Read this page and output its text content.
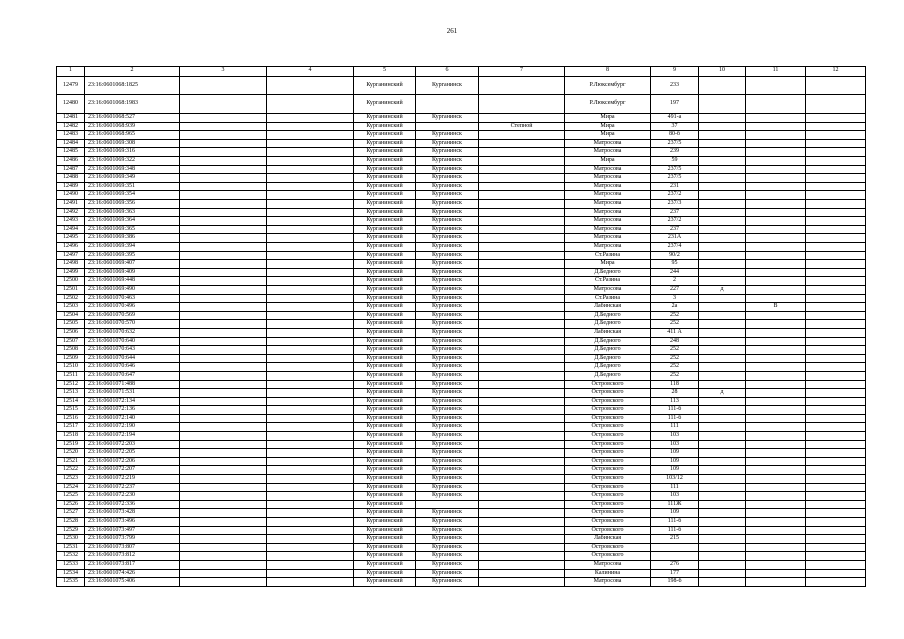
261
1	2	3	4	5	6	7	8	9	10	11	12
12479	23:16:0601068:1825			Курганинский	Курганинск		Р.Люксембург	233			
12480	23:16:0601068:1983			Курганинский			Р.Люксембург	197			
12481	23:16:0601068:527			Курганинский	Курганинск		Мира	491-а			
12482	23:16:0601068:939			Курганинский		Степной	Мира	37			
12483	23:16:0601068:965			Курганинский	Курганинск		Мира	80-б			
12484	23:16:0601069:308			Курганинский	Курганинск		Матросова	237/5			
12485	23:16:0601069:316			Курганинский	Курганинск		Матросова	239			
12486	23:16:0601069:322			Курганинский	Курганинск		Мира	59			
12487	23:16:0601069:348			Курганинский	Курганинск		Матросова	237/5			
12488	23:16:0601069:349			Курганинский	Курганинск		Матросова	237/5			
12489	23:16:0601069:351			Курганинский	Курганинск		Матросова	231			
12490	23:16:0601069:354			Курганинский	Курганинск		Матросова	237/2			
12491	23:16:0601069:356			Курганинский	Курганинск		Матросова	237/3			
12492	23:16:0601069:363			Курганинский	Курганинск		Матросова	237			
12493	23:16:0601069:364			Курганинский	Курганинск		Матросова	237/2			
12494	23:16:0601069:365			Курганинский	Курганинск		Матросова	237			
12495	23:16:0601069:386			Курганинский	Курганинск		Матросова	231А			
12496	23:16:0601069:394			Курганинский	Курганинск		Матросова	237/4			
12497	23:16:0601069:395			Курганинский	Курганинск		Ст.Разина	90/2			
12498	23:16:0601069:407			Курганинский	Курганинск		Мира	95			
12499	23:16:0601069:409			Курганинский	Курганинск		Д.Бедного	244			
12500	23:16:0601069:448			Курганинский	Курганинск		Ст.Разина	2			
12501	23:16:0601069:490			Курганинский	Курганинск		Матросова	227	д		
12502	23:16:0601070:463			Курганинский	Курганинск		Ст.Разина	3			
12503	23:16:0601070:496			Курганинский	Курганинск		Лабинская	2а		В	
12504	23:16:0601070:569			Курганинский	Курганинск		Д.Бедного	252			
12505	23:16:0601070:570			Курганинский	Курганинск		Д.Бедного	252			
12506	23:16:0601070:632			Курганинский	Курганинск		Лабинская	411 А			
12507	23:16:0601070:640			Курганинский	Курганинск		Д.Бедного	248			
12508	23:16:0601070:643			Курганинский	Курганинск		Д.Бедного	252			
12509	23:16:0601070:644			Курганинский	Курганинск		Д.Бедного	252			
12510	23:16:0601070:646			Курганинский	Курганинск		Д.Бедного	252			
12511	23:16:0601070:647			Курганинский	Курганинск		Д.Бедного	252			
12512	23:16:0601071:488			Курганинский	Курганинск		Островского	118			
12513	23:16:0601071:531			Курганинский	Курганинск		Островского	28	д		
12514	23:16:0601072:134			Курганинский	Курганинск		Островского	113			
12515	23:16:0601072:136			Курганинский	Курганинск		Островского	111-б			
12516	23:16:0601072:140			Курганинский	Курганинск		Островского	111-б			
12517	23:16:0601072:190			Курганинский	Курганинск		Островского	111			
12518	23:16:0601072:194			Курганинский	Курганинск		Островского	103			
12519	23:16:0601072:203			Курганинский	Курганинск		Островского	103			
12520	23:16:0601072:205			Курганинский	Курганинск		Островского	109			
12521	23:16:0601072:206			Курганинский	Курганинск		Островского	109			
12522	23:16:0601072:207			Курганинский	Курганинск		Островского	109			
12523	23:16:0601072:219			Курганинский	Курганинск		Островского	103/12			
12524	23:16:0601072:237			Курганинский	Курганинск		Островского	111			
12525	23:16:0601072:230			Курганинский	Курганинск		Островского	103			
12526	23:16:0601072:336			Курганинский			Островского	111Ж			
12527	23:16:0601073:428			Курганинский	Курганинск		Островского	109			
12528	23:16:0601073:496			Курганинский	Курганинск		Островского	111-б			
12529	23:16:0601073:497			Курганинский	Курганинск		Островского	111-б			
12530	23:16:0601073:799			Курганинский	Курганинск		Лабинская	215			
12531	23:16:0601073:807			Курганинский	Курганинск		Островского				
12532	23:16:0601073:812			Курганинский	Курганинск		Островского				
12533	23:16:0601073:817			Курганинский	Курганинск		Матросова	276			
12534	23:16:0601074:426			Курганинский	Курганинск		Калинина	177			
12535	23:16:0601075:406			Курганинский	Курганинск		Матросова	198-б			
